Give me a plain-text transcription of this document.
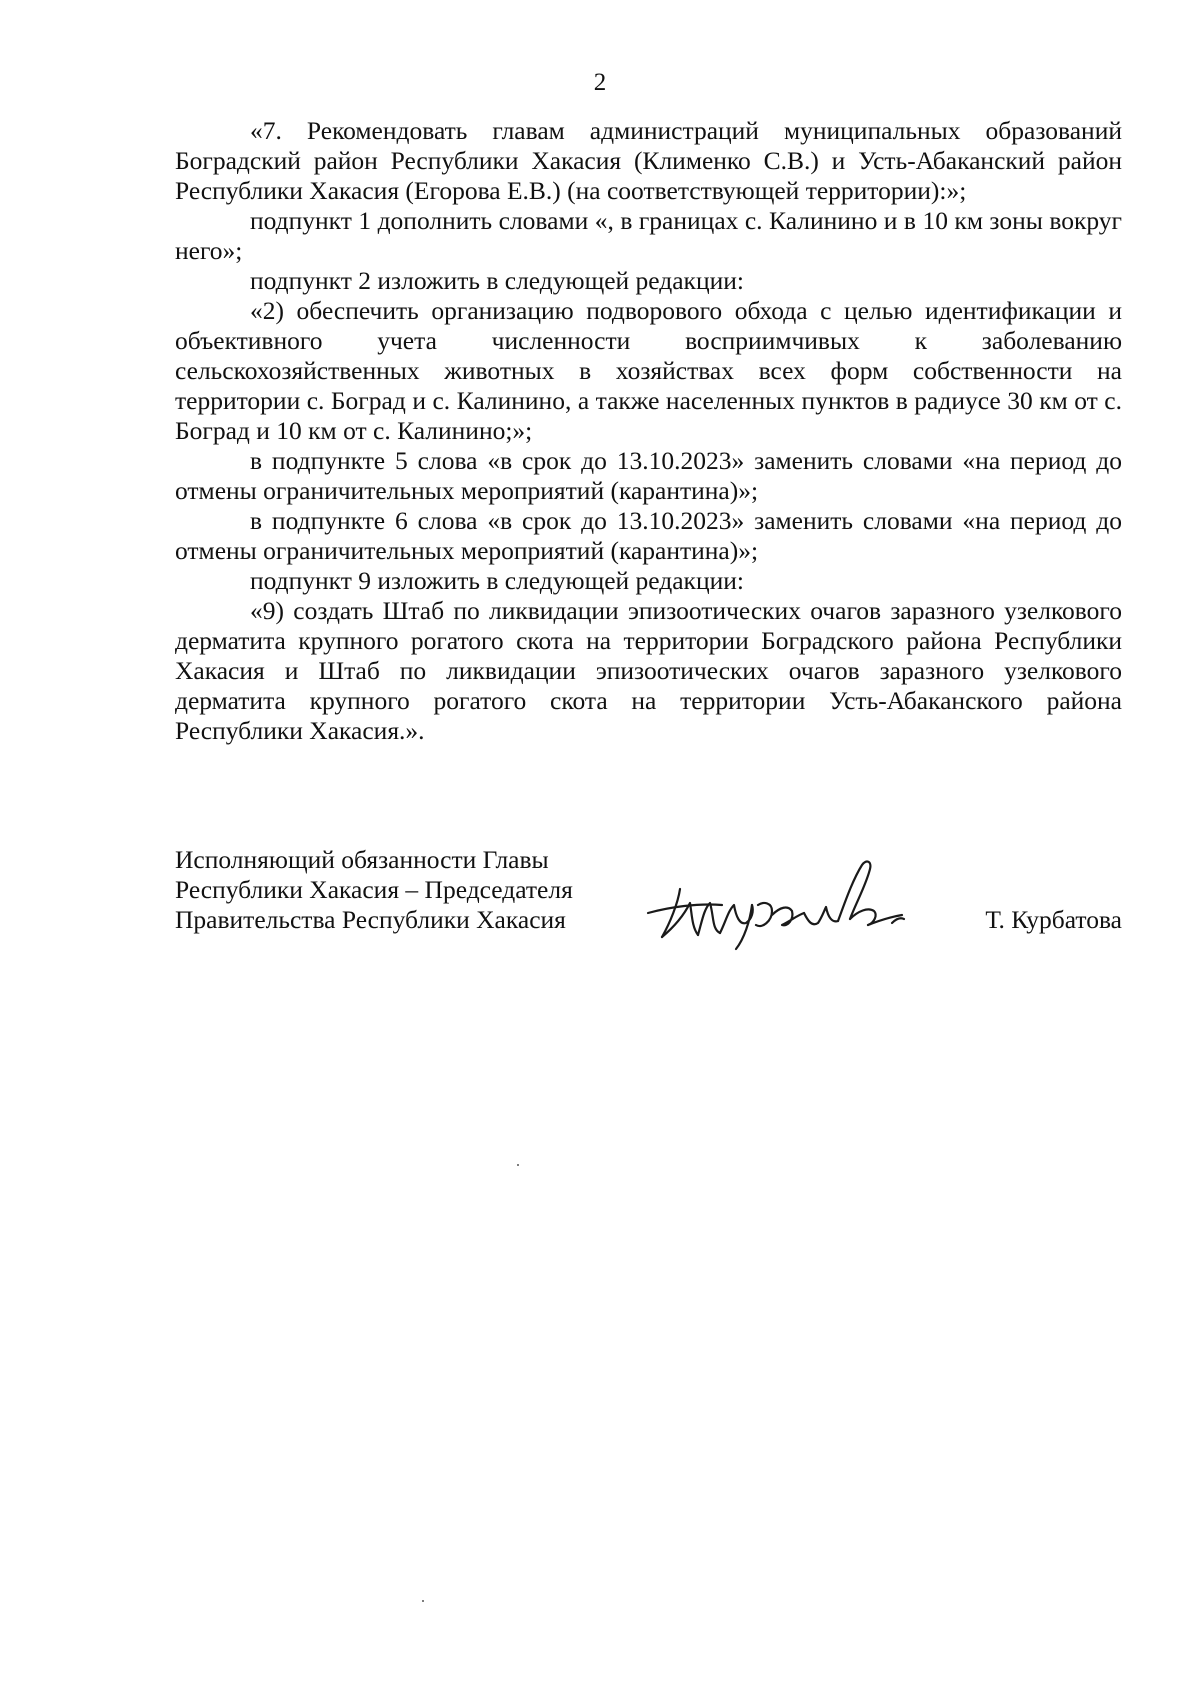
2

«7. Рекомендовать главам администраций муниципальных образований Боградский район Республики Хакасия (Клименко С.В.) и Усть-Абаканский район Республики Хакасия (Егорова Е.В.) (на соответствующей территории):»;

подпункт 1 дополнить словами «, в границах с. Калинино и в 10 км зоны вокруг него»;

подпункт 2 изложить в следующей редакции:

«2) обеспечить организацию подворового обхода с целью идентификации и объективного учета численности восприимчивых к заболеванию сельскохозяйственных животных в хозяйствах всех форм собственности на территории с. Боград и с. Калинино, а также населенных пунктов в радиусе 30 км от с. Боград и 10 км от с. Калинино;»;

в подпункте 5 слова «в срок до 13.10.2023» заменить словами «на период до отмены ограничительных мероприятий (карантина)»;

в подпункте 6 слова «в срок до 13.10.2023» заменить словами «на период до отмены ограничительных мероприятий (карантина)»;

подпункт 9 изложить в следующей редакции:

«9) создать Штаб по ликвидации эпизоотических очагов заразного узелкового дерматита крупного рогатого скота на территории Боградского района Республики Хакасия и Штаб по ликвидации эпизоотических очагов заразного узелкового дерматита крупного рогатого скота на территории Усть-Абаканского района Республики Хакасия.».

Исполняющий обязанности Главы
Республики Хакасия – Председателя
Правительства Республики Хакасия	Т. Курбатова
